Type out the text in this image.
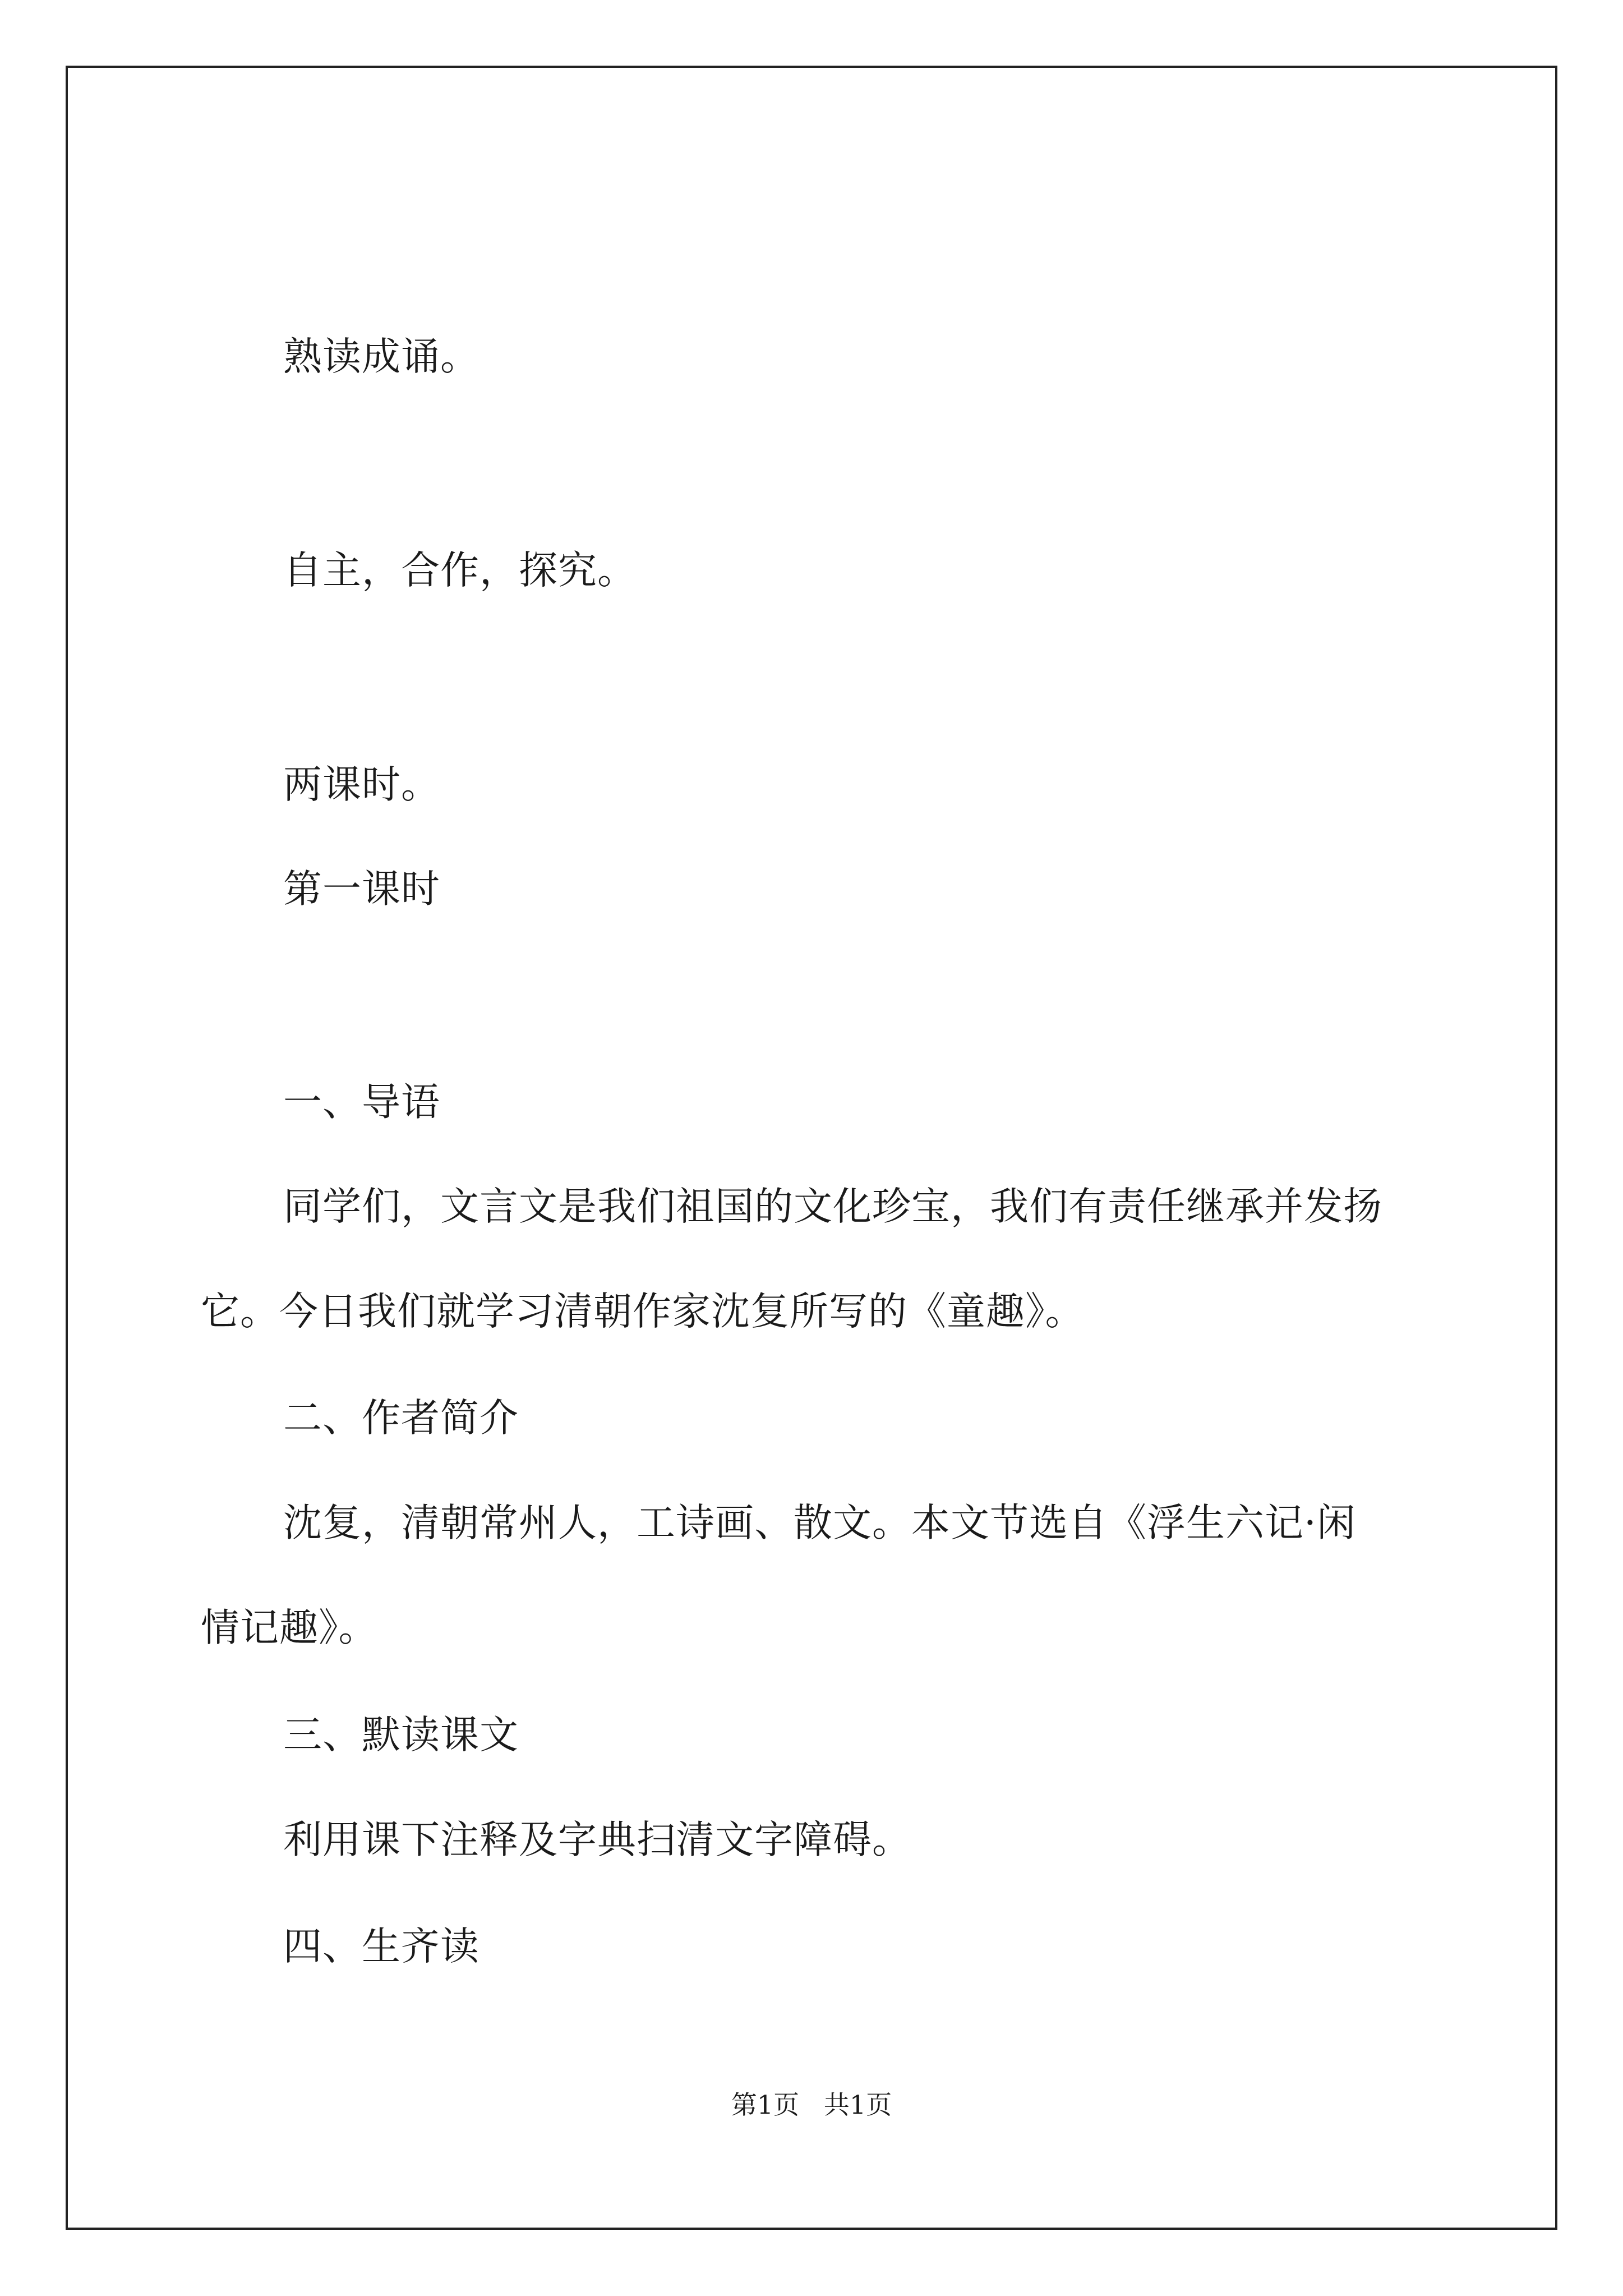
熟读成诵。
自主，合作，探究。
两课时。
第一课时
一、导语
同学们，文言文是我们祖国的文化珍宝，我们有责任继承并发扬
它。今日我们就学习清朝作家沈复所写的《童趣》。
二、作者简介
沈复，清朝常州人，工诗画、散文。本文节选自《浮生六记·闲
情记趣》。
三、默读课文
利用课下注释及字典扫清文字障碍。
四、生齐读
第1页   共1页
